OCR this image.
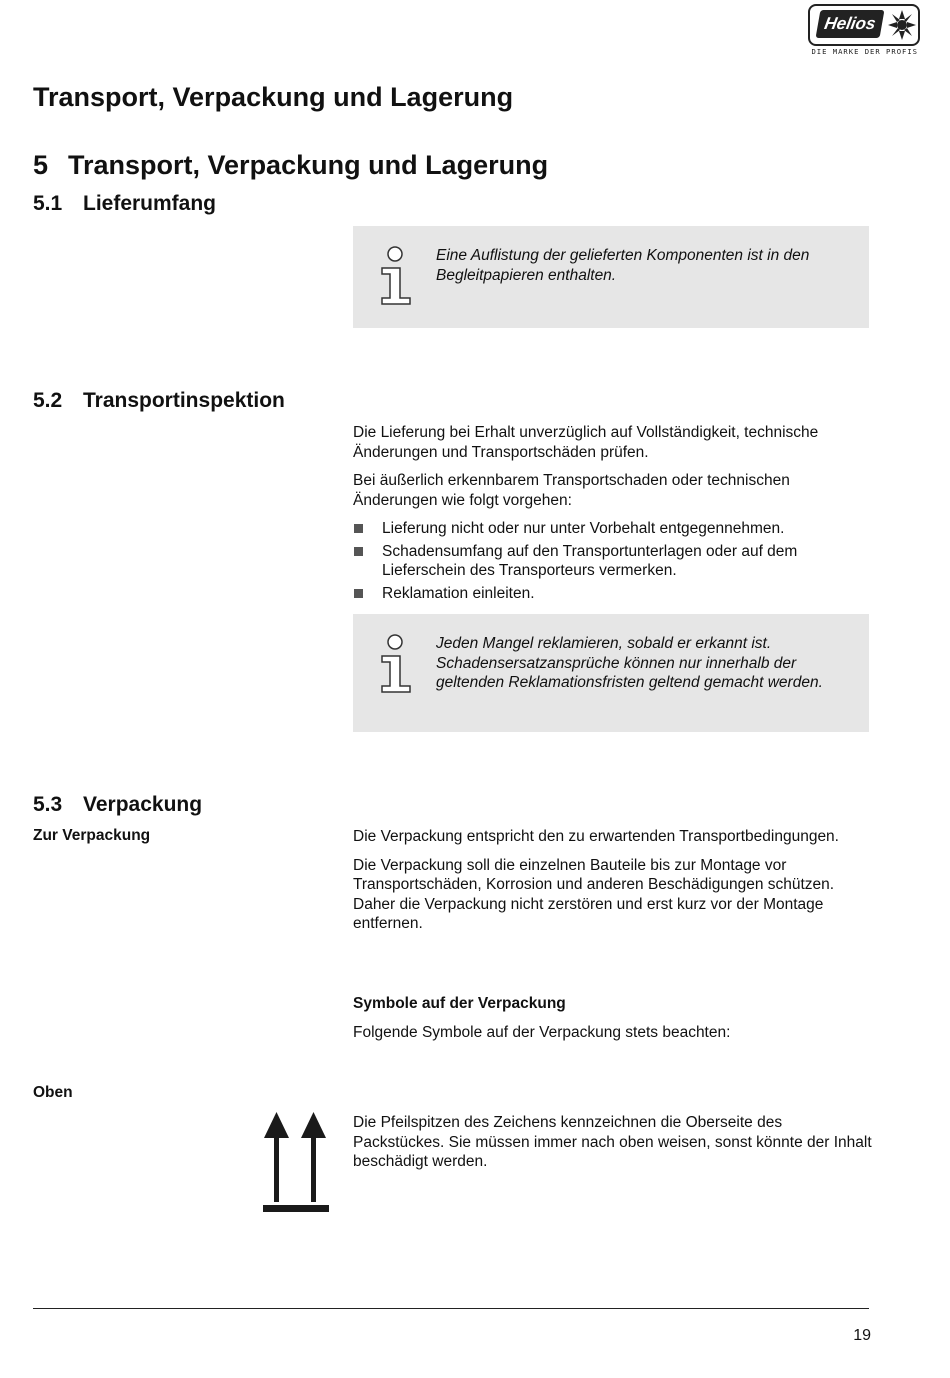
Helios
DIE MARKE DER PROFIS
Transport, Verpackung und Lagerung
5 Transport, Verpackung und Lagerung
5.1 Lieferumfang
Eine Auflistung der gelieferten Komponenten ist in den Begleitpapieren enthalten.
5.2 Transportinspektion

Die Lieferung bei Erhalt unverzüglich auf Vollständigkeit, technische Änderungen und Transportschäden prüfen.

Bei äußerlich erkennbarem Transportschaden oder technischen Änderungen wie folgt vorgehen:

Lieferung nicht oder nur unter Vorbehalt entgegennehmen.
Schadensumfang auf den Transportunterlagen oder auf dem Lieferschein des Transporteurs vermerken.
Reklamation einleiten.
Jeden Mangel reklamieren, sobald er erkannt ist. Schadensersatzansprüche können nur innerhalb der geltenden Reklamationsfristen geltend gemacht werden.
5.3 Verpackung
Zur Verpackung	Die Verpackung entspricht den zu erwartenden Transportbedingungen.

Die Verpackung soll die einzelnen Bauteile bis zur Montage vor Transportschäden, Korrosion und anderen Beschädigungen schützen. Daher die Verpackung nicht zerstören und erst kurz vor der Montage entfernen.

Symbole auf der Verpackung
Folgende Symbole auf der Verpackung stets beachten:
Oben
Die Pfeilspitzen des Zeichens kennzeichnen die Oberseite des Packstückes. Sie müssen immer nach oben weisen, sonst könnte der Inhalt beschädigt werden.
19
